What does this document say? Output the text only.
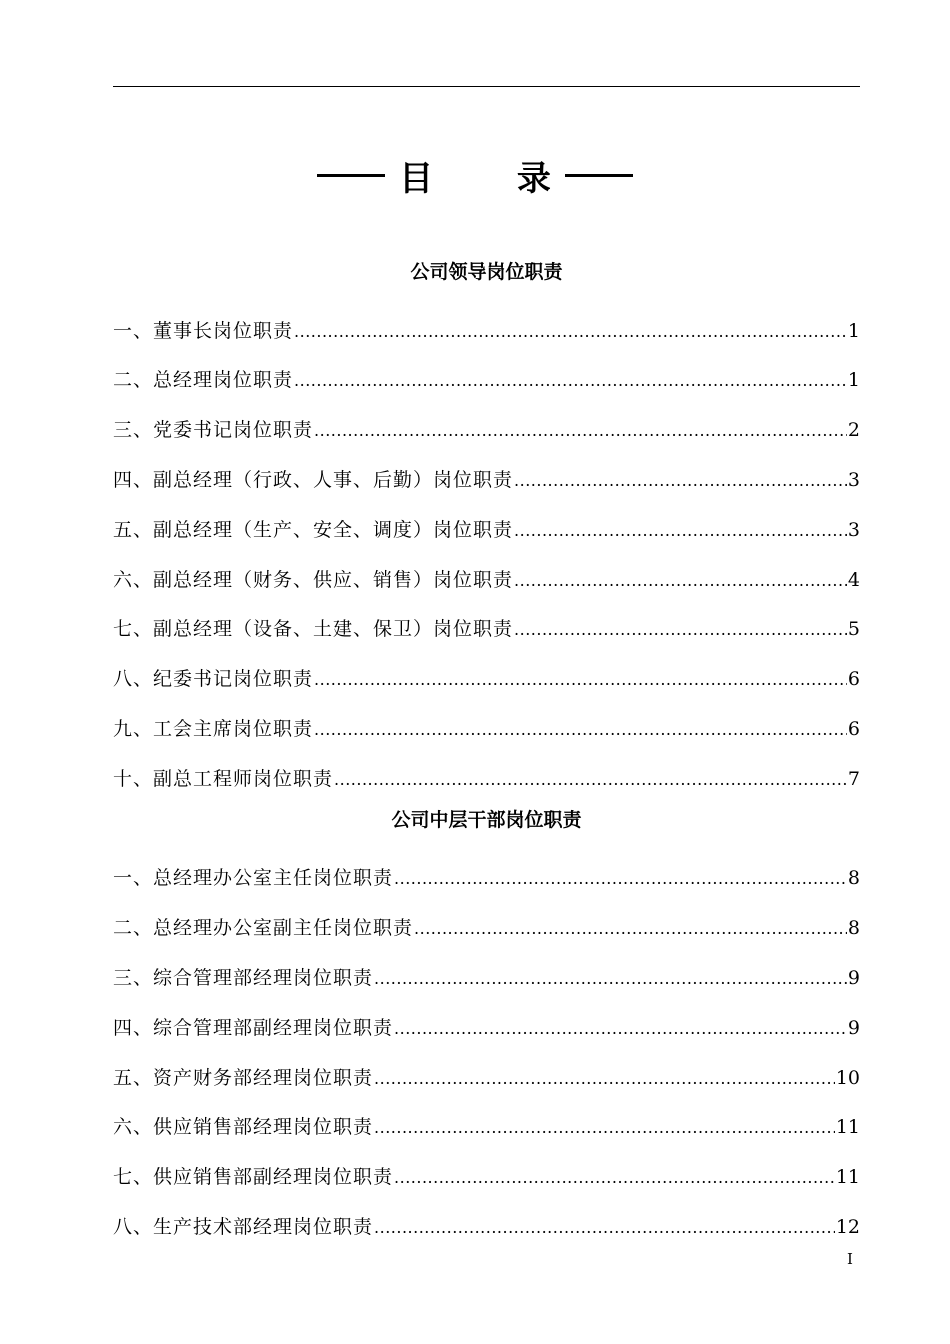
目 录
公司领导岗位职责
一、董事长岗位职责 .....	1
二、总经理岗位职责 .....	1
三、党委书记岗位职责 .....	2
四、副总经理（行政、人事、后勤）岗位职责 .....	3
五、副总经理（生产、安全、调度）岗位职责 .....	3
六、副总经理（财务、供应、销售）岗位职责 .....	4
七、副总经理（设备、土建、保卫）岗位职责 .....	5
八、纪委书记岗位职责 .....	6
九、工会主席岗位职责 .....	6
十、副总工程师岗位职责 .....	7
公司中层干部岗位职责
一、总经理办公室主任岗位职责 .....	8
二、总经理办公室副主任岗位职责 .....	8
三、综合管理部经理岗位职责 .....	9
四、综合管理部副经理岗位职责 .....	9
五、资产财务部经理岗位职责 .....	10
六、供应销售部经理岗位职责 .....	11
七、供应销售部副经理岗位职责 .....	11
八、生产技术部经理岗位职责 .....	12
I
